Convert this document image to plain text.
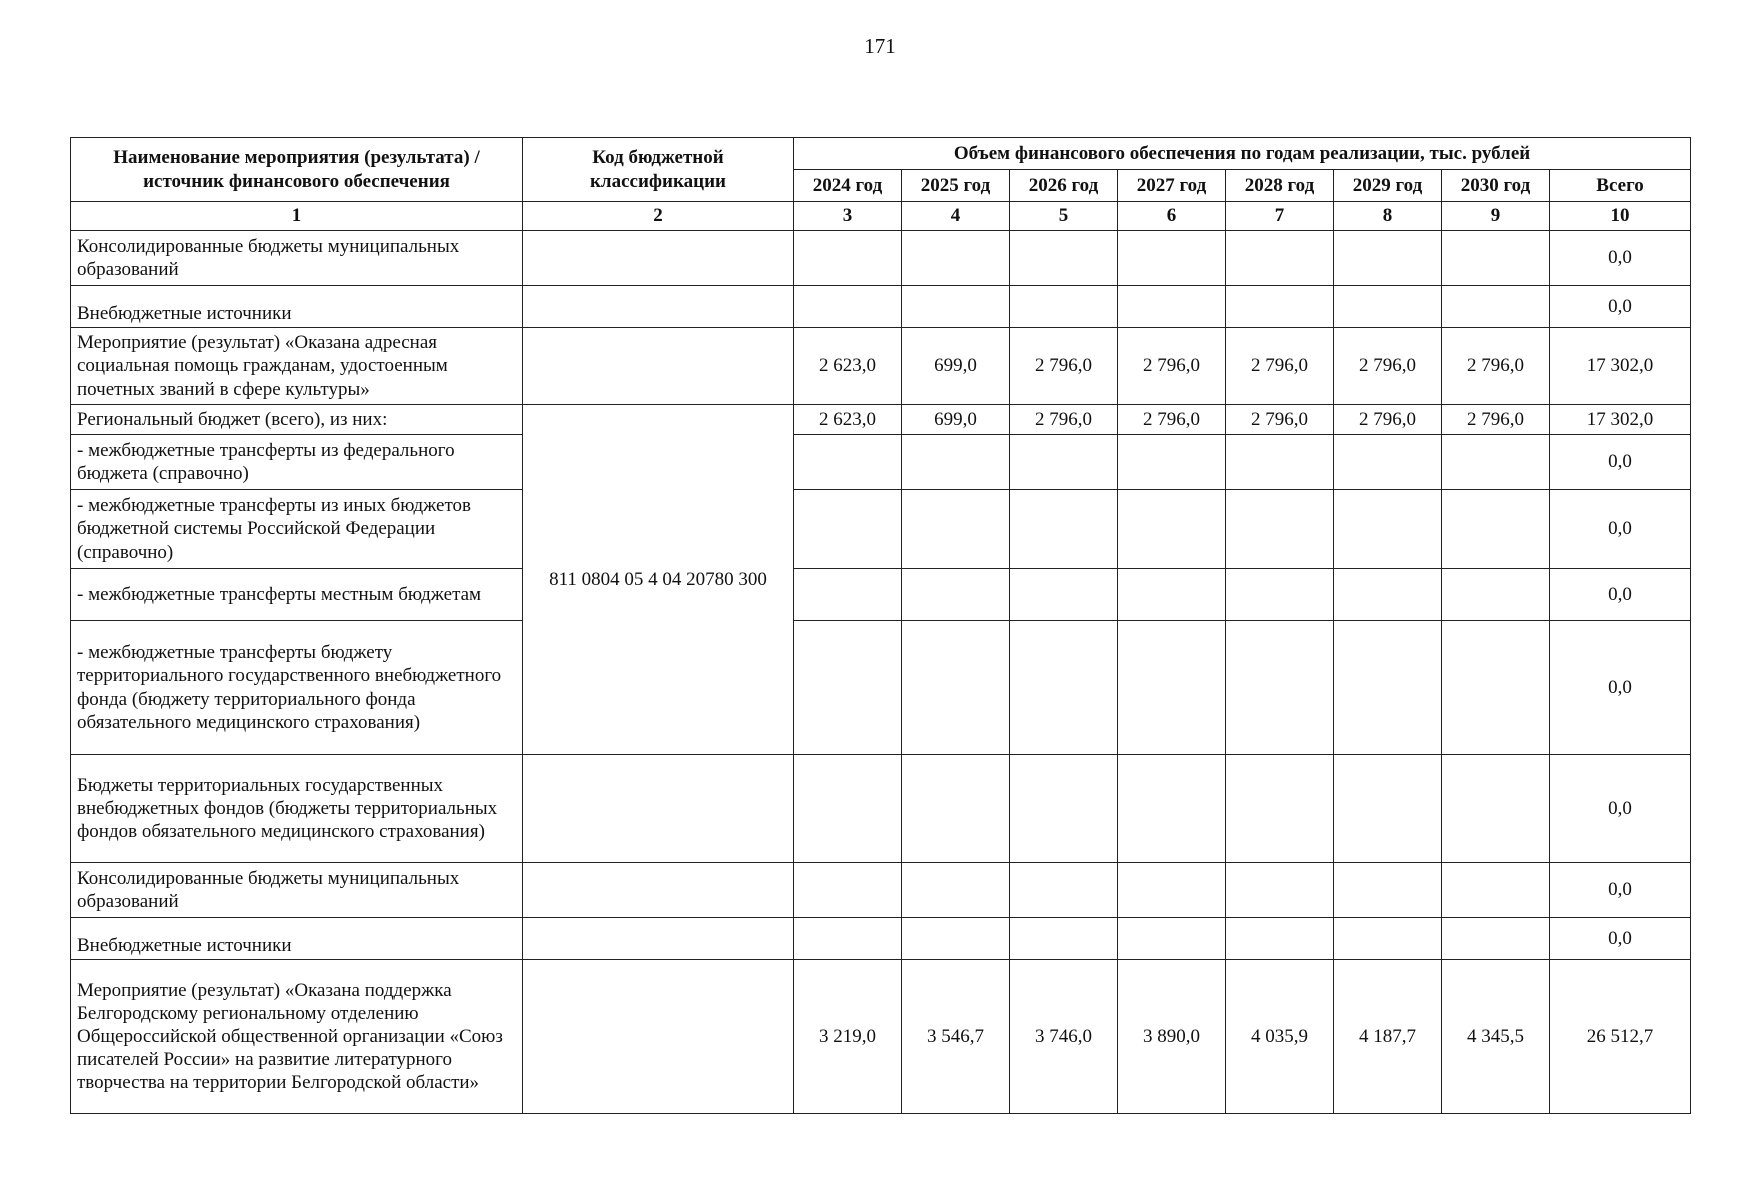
171
Наименование мероприятия (результата) / источник финансового обеспечения	Код бюджетной классификации	Объем финансового обеспечения по годам реализации, тыс. рублей							
		2024 год	2025 год	2026 год	2027 год	2028 год	2029 год	2030 год	Всего
1	2	3	4	5	6	7	8	9	10
Консолидированные бюджеты муниципальных образований									0,0
Внебюджетные источники									0,0
Мероприятие (результат) «Оказана адресная социальная помощь гражданам, удостоенным почетных званий в сфере культуры»		2 623,0	699,0	2 796,0	2 796,0	2 796,0	2 796,0	2 796,0	17 302,0
Региональный бюджет (всего), из них:	811 0804 05 4 04 20780 300	2 623,0	699,0	2 796,0	2 796,0	2 796,0	2 796,0	2 796,0	17 302,0
- межбюджетные трансферты из федерального бюджета (справочно)									0,0
- межбюджетные трансферты из иных бюджетов бюджетной системы Российской Федерации (справочно)									0,0
- межбюджетные трансферты местным бюджетам									0,0
- межбюджетные трансферты бюджету территориального государственного внебюджетного фонда (бюджету территориального фонда обязательного медицинского страхования)									0,0
Бюджеты территориальных государственных внебюджетных фондов (бюджеты территориальных фондов обязательного медицинского страхования)									0,0
Консолидированные бюджеты муниципальных образований									0,0
Внебюджетные источники									0,0
Мероприятие (результат) «Оказана поддержка Белгородскому региональному отделению Общероссийской общественной организации «Союз писателей России» на развитие литературного творчества на территории Белгородской области»		3 219,0	3 546,7	3 746,0	3 890,0	4 035,9	4 187,7	4 345,5	26 512,7
